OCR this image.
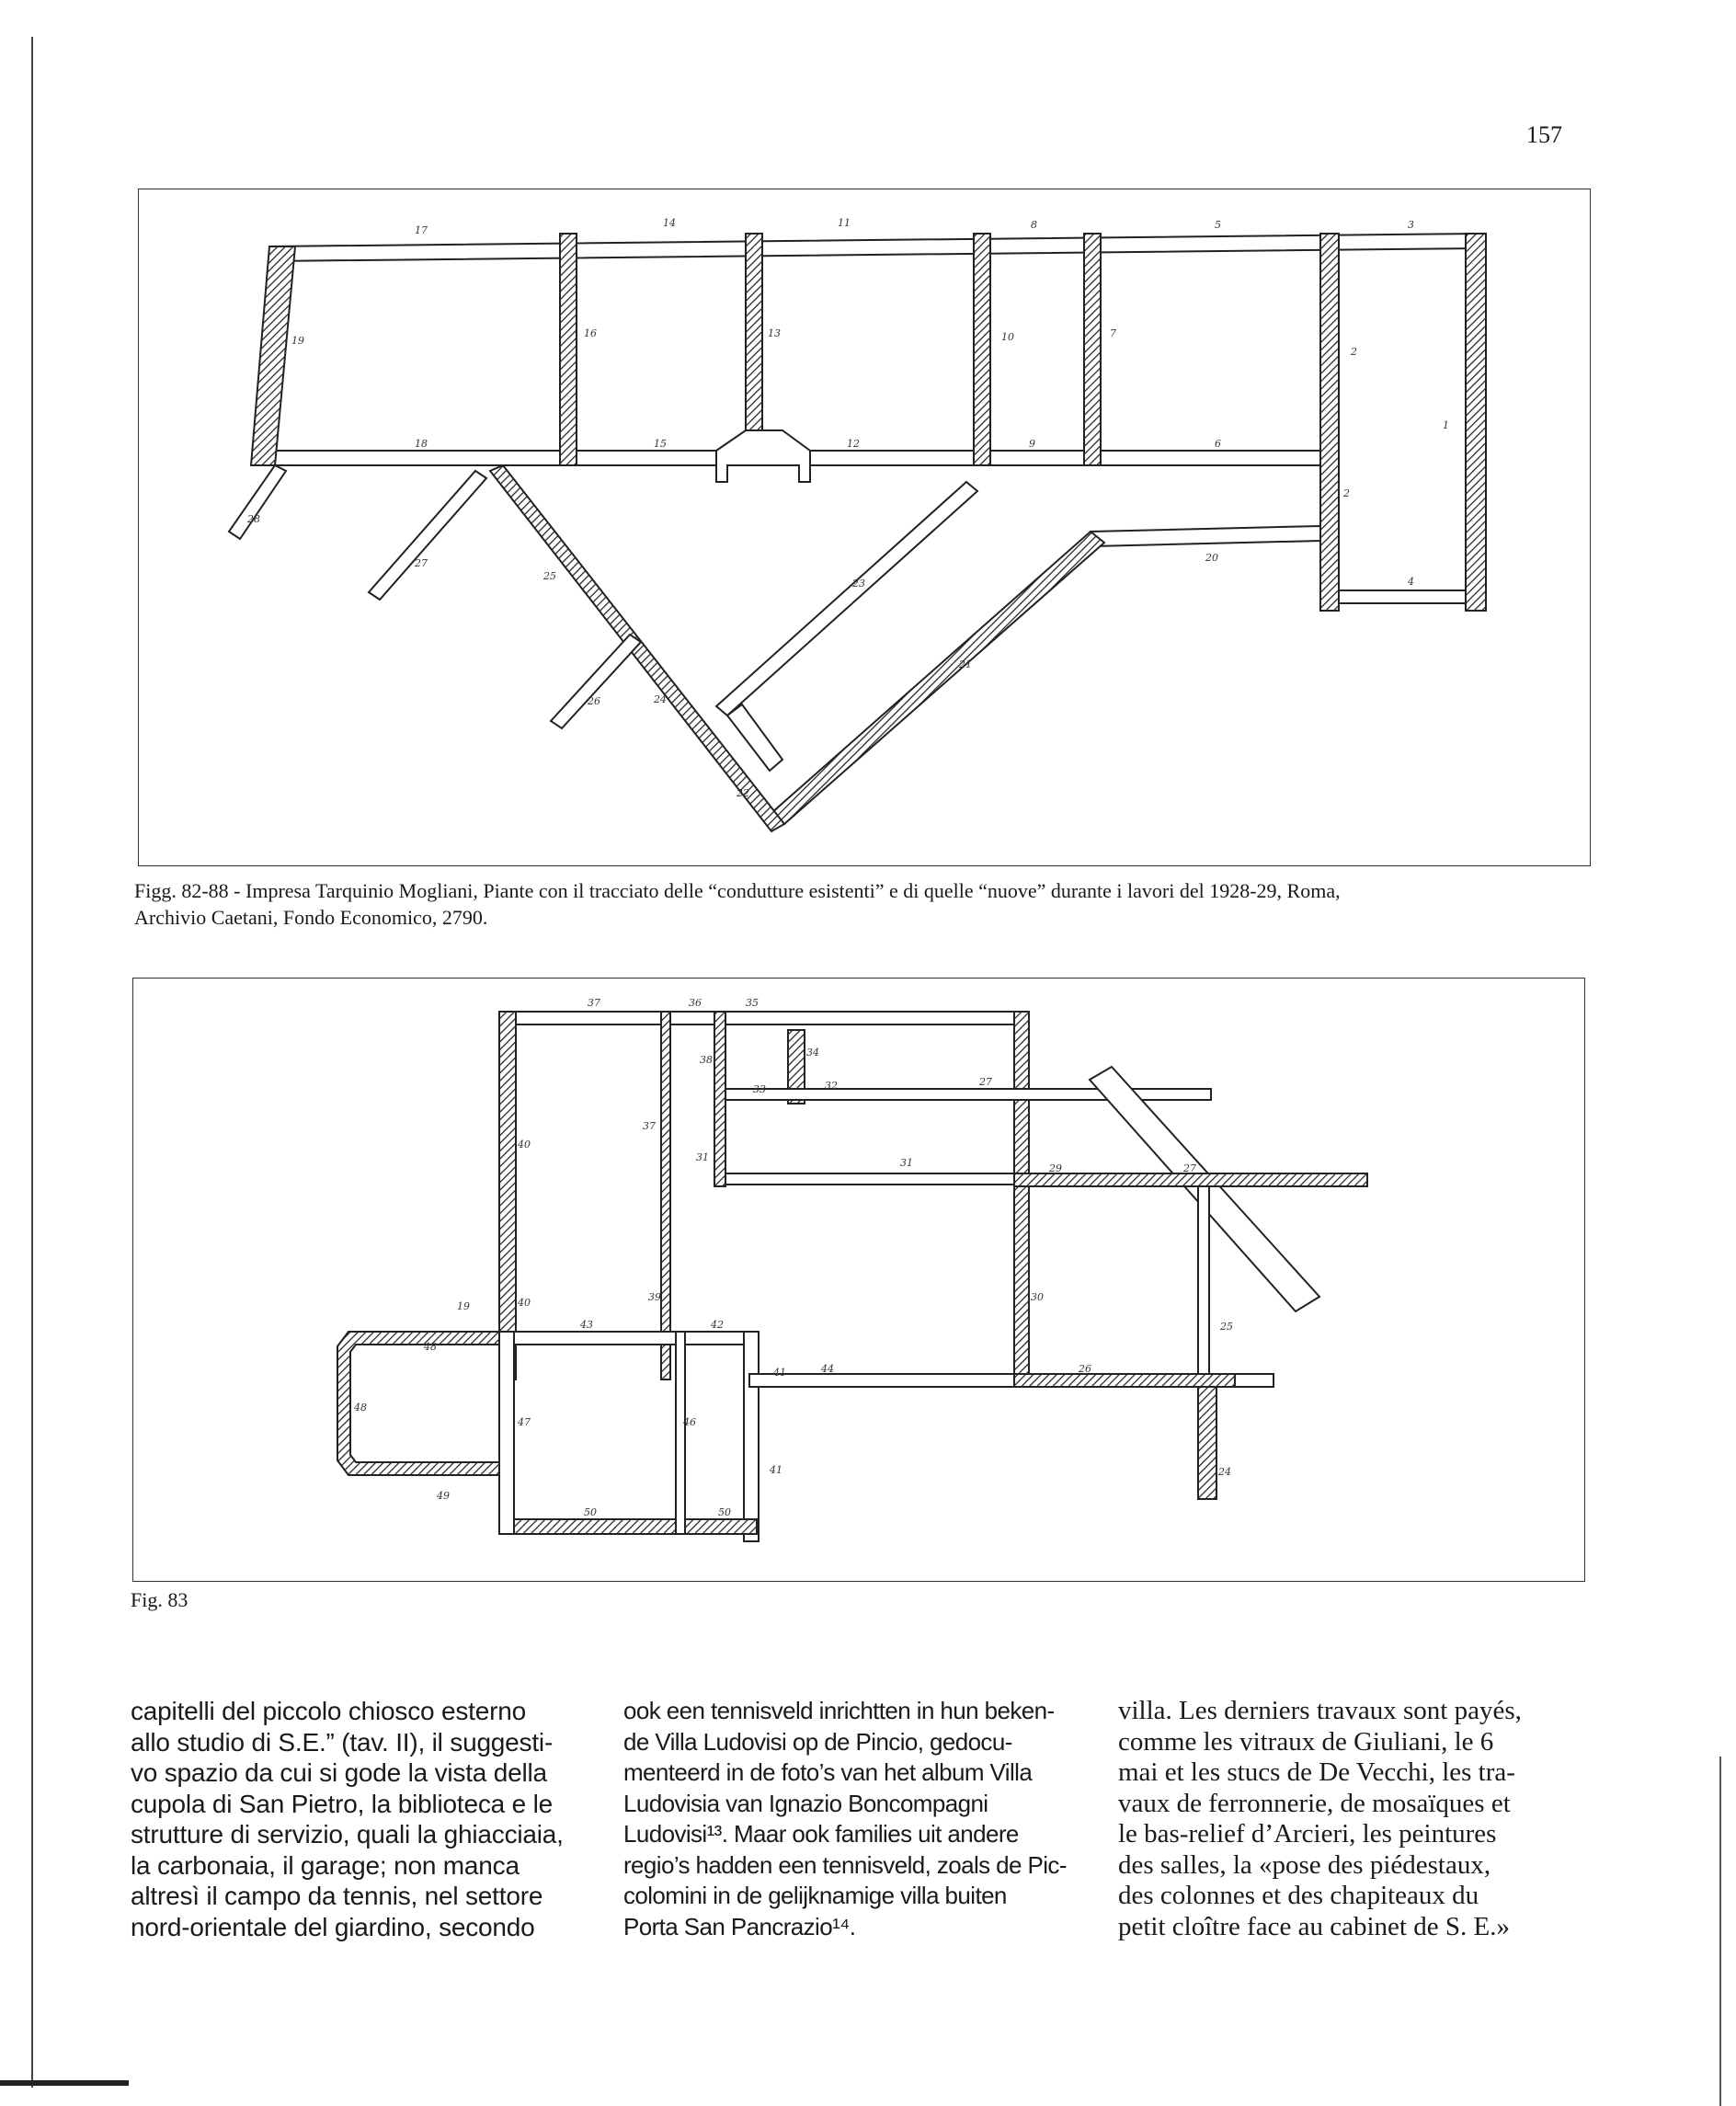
157
17
14	11	8	5	3
19
16	13	10	7
2
1
18	15	12	9	6
2
20
4
28
27
25
23
26	24
22
21
Figg. 82-88 - Impresa Tarquinio Mogliani, Piante con il tracciato delle “condutture esistenti” e di quelle “nuove” durante i lavori del 1928-29, Roma,
Archivio Caetani, Fondo Economico, 2790.
37	36	35
34
38
33	32	27
40
37
31	31	29	27
19	40	39	30
25
43	42
48
41	44	26
48
47	46
41	24
49
50	50
Fig. 83
capitelli del piccolo chiosco esterno
allo studio di S.E.” (tav. II), il suggesti-
vo spazio da cui si gode la vista della
cupola di San Pietro, la biblioteca e le
strutture di servizio, quali la ghiacciaia,
la carbonaia, il garage; non manca
altresì il campo da tennis, nel settore
nord-orientale del giardino, secondo
ook een tennisveld inrichtten in hun beken-
de Villa Ludovisi op de Pincio, gedocu-
menteerd in de foto’s van het album Villa
Ludovisia van Ignazio Boncompagni
Ludovisi¹³. Maar ook families uit andere
regio’s hadden een tennisveld, zoals de Pic-
colomini in de gelijknamige villa buiten
Porta San Pancrazio¹⁴.
villa. Les derniers travaux sont payés,
comme les vitraux de Giuliani, le 6
mai et les stucs de De Vecchi, les tra-
vaux de ferronnerie, de mosaïques et
le bas-relief d’Arcieri, les peintures
des salles, la «pose des piédestaux,
des colonnes et des chapiteaux du
petit cloître face au cabinet de S. E.»
